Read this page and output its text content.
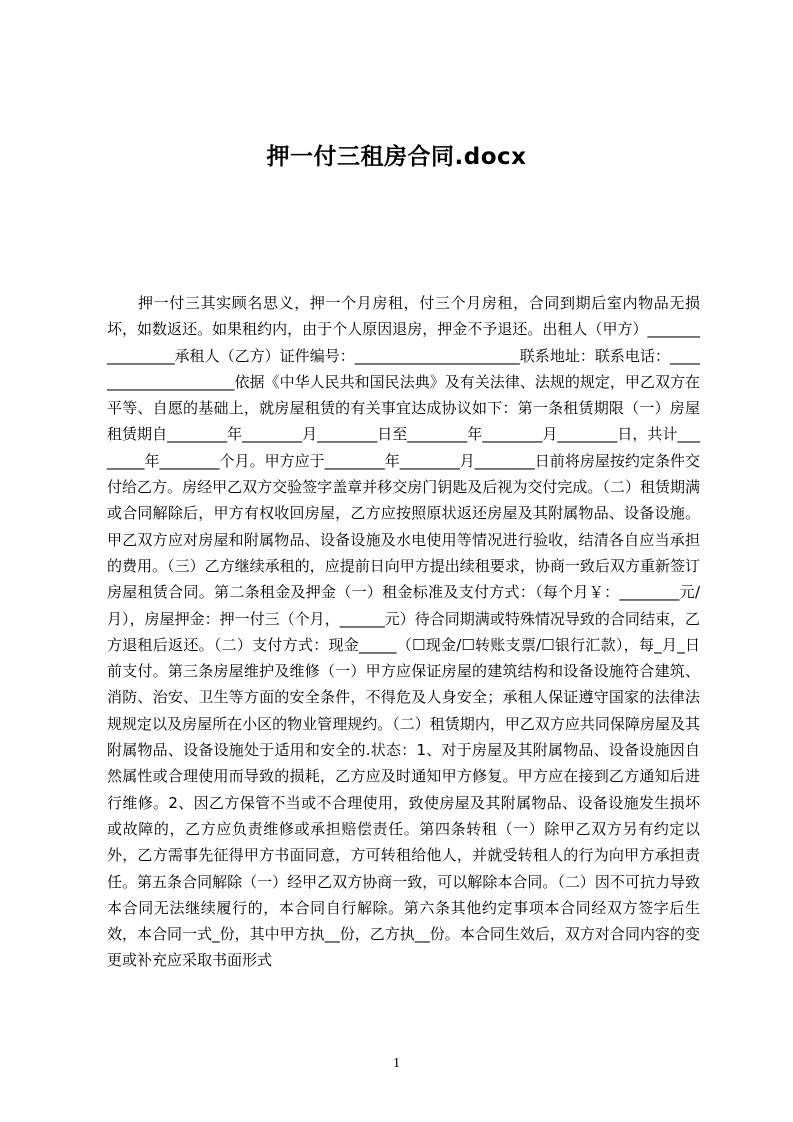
押一付三租房合同.docx

押一付三其实顾名思义，押一个月房租，付三个月房租，合同到期后室内物品无损坏，如数返还。如果租约内，由于个人原因退房，押金不予退还。出租人（甲方）________________承租人（乙方）证件编号：______________________联系地址：联系电话：_____________________依据《中华人民共和国民法典》及有关法律、法规的规定，甲乙双方在平等、自愿的基础上，就房屋租赁的有关事宜达成协议如下：第一条租赁期限（一）房屋租赁期自________年________月________日至________年________月________日，共计________年________个月。甲方应于________年________月________日前将房屋按约定条件交付给乙方。房经甲乙双方交验签字盖章并移交房门钥匙及后视为交付完成。（二）租赁期满或合同解除后，甲方有权收回房屋，乙方应按照原状返还房屋及其附属物品、设备设施。甲乙双方应对房屋和附属物品、设备设施及水电使用等情况进行验收，结清各自应当承担的费用。（三）乙方继续承租的，应提前日向甲方提出续租要求，协商一致后双方重新签订房屋租赁合同。第二条租金及押金（一）租金标准及支付方式：（每个月￥：________元/月），房屋押金：押一付三（个月，______元）待合同期满或特殊情况导致的合同结束，乙方退租后返还。（二）支付方式：现金_____（☐现金/☐转账支票/☐银行汇款），每_月_日前支付。第三条房屋维护及维修（一）甲方应保证房屋的建筑结构和设备设施符合建筑、消防、治安、卫生等方面的安全条件，不得危及人身安全；承租人保证遵守国家的法律法规规定以及房屋所在小区的物业管理规约。（二）租赁期内，甲乙双方应共同保障房屋及其附属物品、设备设施处于适用和安全的.状态：1、对于房屋及其附属物品、设备设施因自然属性或合理使用而导致的损耗，乙方应及时通知甲方修复。甲方应在接到乙方通知后进行维修。2、因乙方保管不当或不合理使用，致使房屋及其附属物品、设备设施发生损坏或故障的，乙方应负责维修或承担赔偿责任。第四条转租（一）除甲乙双方另有约定以外，乙方需事先征得甲方书面同意，方可转租给他人，并就受转租人的行为向甲方承担责任。第五条合同解除（一）经甲乙双方协商一致，可以解除本合同。（二）因不可抗力导致本合同无法继续履行的，本合同自行解除。第六条其他约定事项本合同经双方签字后生效，本合同一式_份，其中甲方执__份，乙方执__份。本合同生效后，双方对合同内容的变更或补充应采取书面形式

1
